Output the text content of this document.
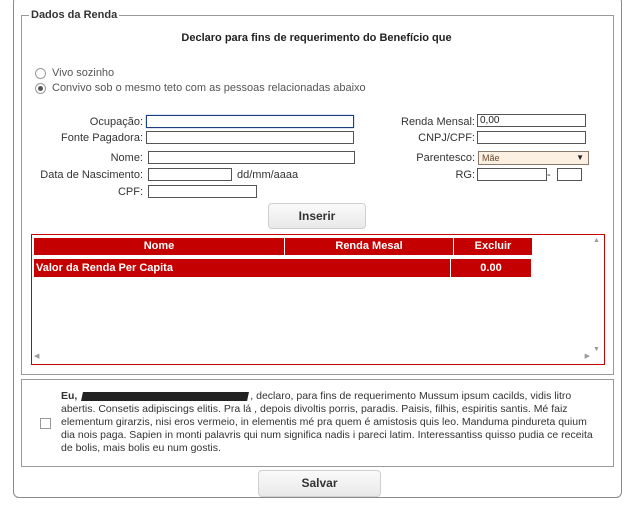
Dados da Renda
Declaro para fins de requerimento do Benefício que
Vivo sozinho
Convivo sob o mesmo teto com as pessoas relacionadas abaixo
Ocupação:
Fonte Pagadora:
Nome:
Data de Nascimento:	dd/mm/aaaa
CPF:
Renda Mensal: 0,00
CNPJ/CPF:
Parentesco: Mãe	▼
RG:	-
Inserir
Nome	Renda Mesal	Excluir
Valor da Renda Per Capita	0.00
◀	▶
▲
▼
Eu,	, declaro, para fins de requerimento Mussum ipsum cacilds, vidis litro abertis. Consetis adipiscings elitis. Pra lá , depois divoltis porris, paradis. Paisis, filhis, espiritis santis. Mé faiz elementum girarzis, nisi eros vermeio, in elementis mé pra quem é amistosis quis leo. Manduma pindureta quium dia nois paga. Sapien in monti palavris qui num significa nadis i pareci latim. Interessantiss quisso pudia ce receita de bolis, mais bolis eu num gostis.
Salvar
